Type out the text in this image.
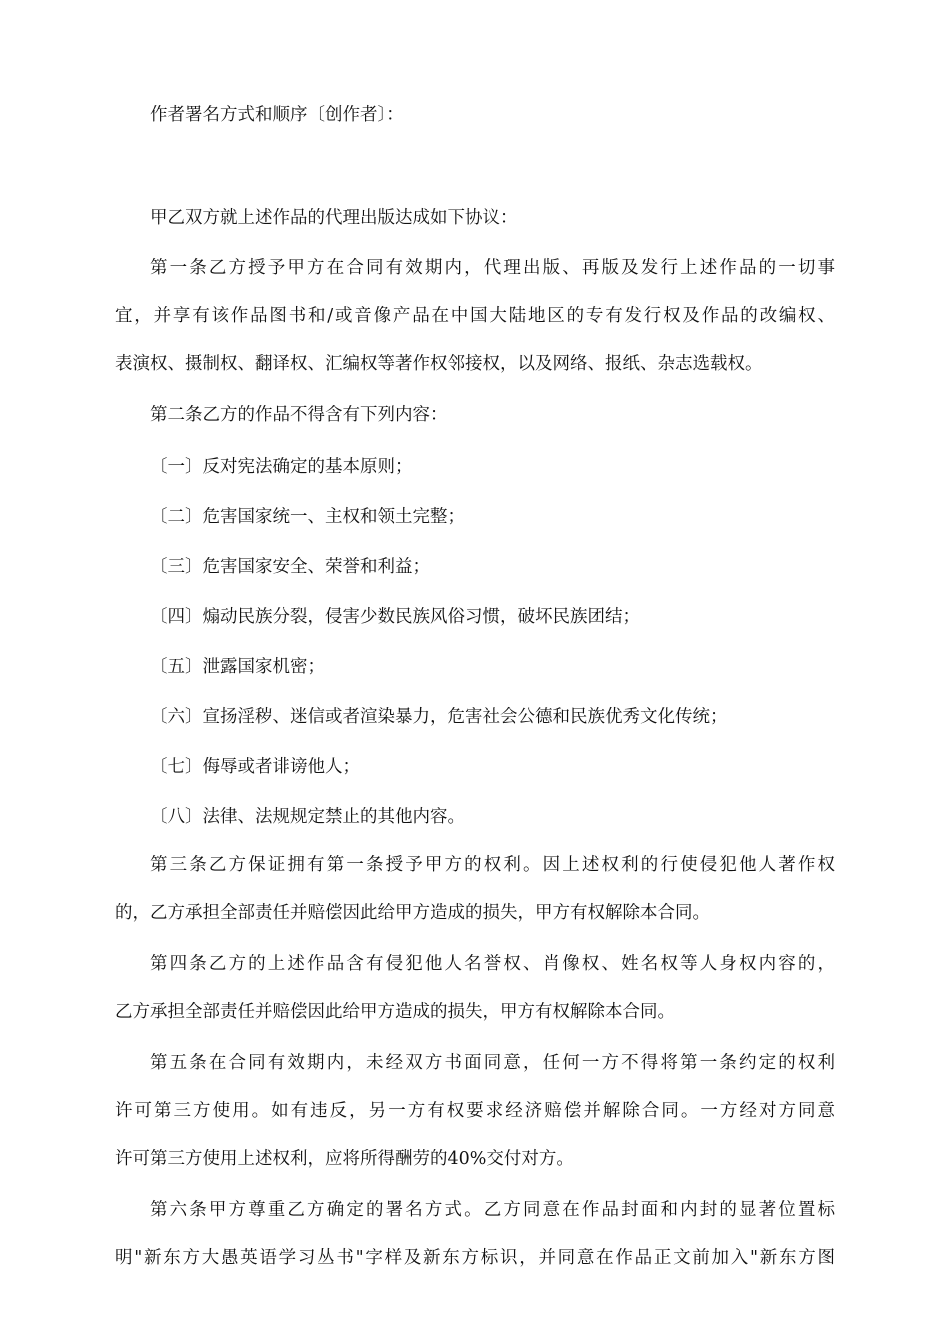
作者署名方式和顺序〔创作者〕：
甲乙双方就上述作品的代理出版达成如下协议：
第一条乙方授予甲方在合同有效期内，代理出版、再版及发行上述作品的一切事
宜，并享有该作品图书和/或音像产品在中国大陆地区的专有发行权及作品的改编权、
表演权、摄制权、翻译权、汇编权等著作权邻接权，以及网络、报纸、杂志选载权。
第二条乙方的作品不得含有下列内容：
〔一〕反对宪法确定的基本原则；
〔二〕危害国家统一、主权和领土完整；
〔三〕危害国家安全、荣誉和利益；
〔四〕煽动民族分裂，侵害少数民族风俗习惯，破坏民族团结；
〔五〕泄露国家机密；
〔六〕宣扬淫秽、迷信或者渲染暴力，危害社会公德和民族优秀文化传统；
〔七〕侮辱或者诽谤他人；
〔八〕法律、法规规定禁止的其他内容。
第三条乙方保证拥有第一条授予甲方的权利。因上述权利的行使侵犯他人著作权
的，乙方承担全部责任并赔偿因此给甲方造成的损失，甲方有权解除本合同。
第四条乙方的上述作品含有侵犯他人名誉权、肖像权、姓名权等人身权内容的，
乙方承担全部责任并赔偿因此给甲方造成的损失，甲方有权解除本合同。
第五条在合同有效期内，未经双方书面同意，任何一方不得将第一条约定的权利
许可第三方使用。如有违反，另一方有权要求经济赔偿并解除合同。一方经对方同意
许可第三方使用上述权利，应将所得酬劳的40%交付对方。
第六条甲方尊重乙方确定的署名方式。乙方同意在作品封面和内封的显著位置标
明"新东方大愚英语学习丛书"字样及新东方标识，并同意在作品正文前加入"新东方图
